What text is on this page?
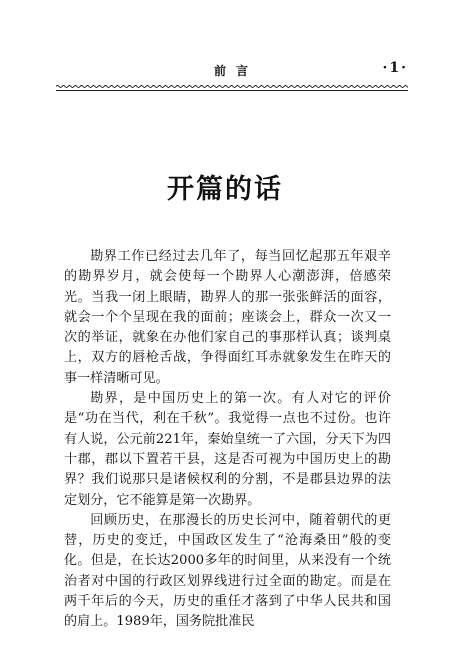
前言	·1·
开篇的话

勘界工作已经过去几年了，每当回忆起那五年艰辛的勘界岁月，就会使每一个勘界人心潮澎湃，倍感荣光。当我一闭上眼睛，勘界人的那一张张鲜活的面容，就会一个个呈现在我的面前；座谈会上，群众一次又一次的举证，就象在办他们家自己的事那样认真；谈判桌上，双方的唇枪舌战，争得面红耳赤就象发生在昨天的事一样清晰可见。

勘界，是中国历史上的第一次。有人对它的评价是“功在当代，利在千秋”。我觉得一点也不过份。也许有人说，公元前221年，秦始皇统一了六国，分天下为四十郡，郡以下置若干县，这是否可视为中国历史上的勘界？我们说那只是诸候权利的分割，不是郡县边界的法定划分，它不能算是第一次勘界。

回顾历史，在那漫长的历史长河中，随着朝代的更替，历史的变迁，中国政区发生了“沧海桑田”般的变化。但是，在长达2000多年的时间里，从来没有一个统治者对中国的行政区划界线进行过全面的勘定。而是在两千年后的今天，历史的重任才落到了中华人民共和国的肩上。1989年，国务院批准民
